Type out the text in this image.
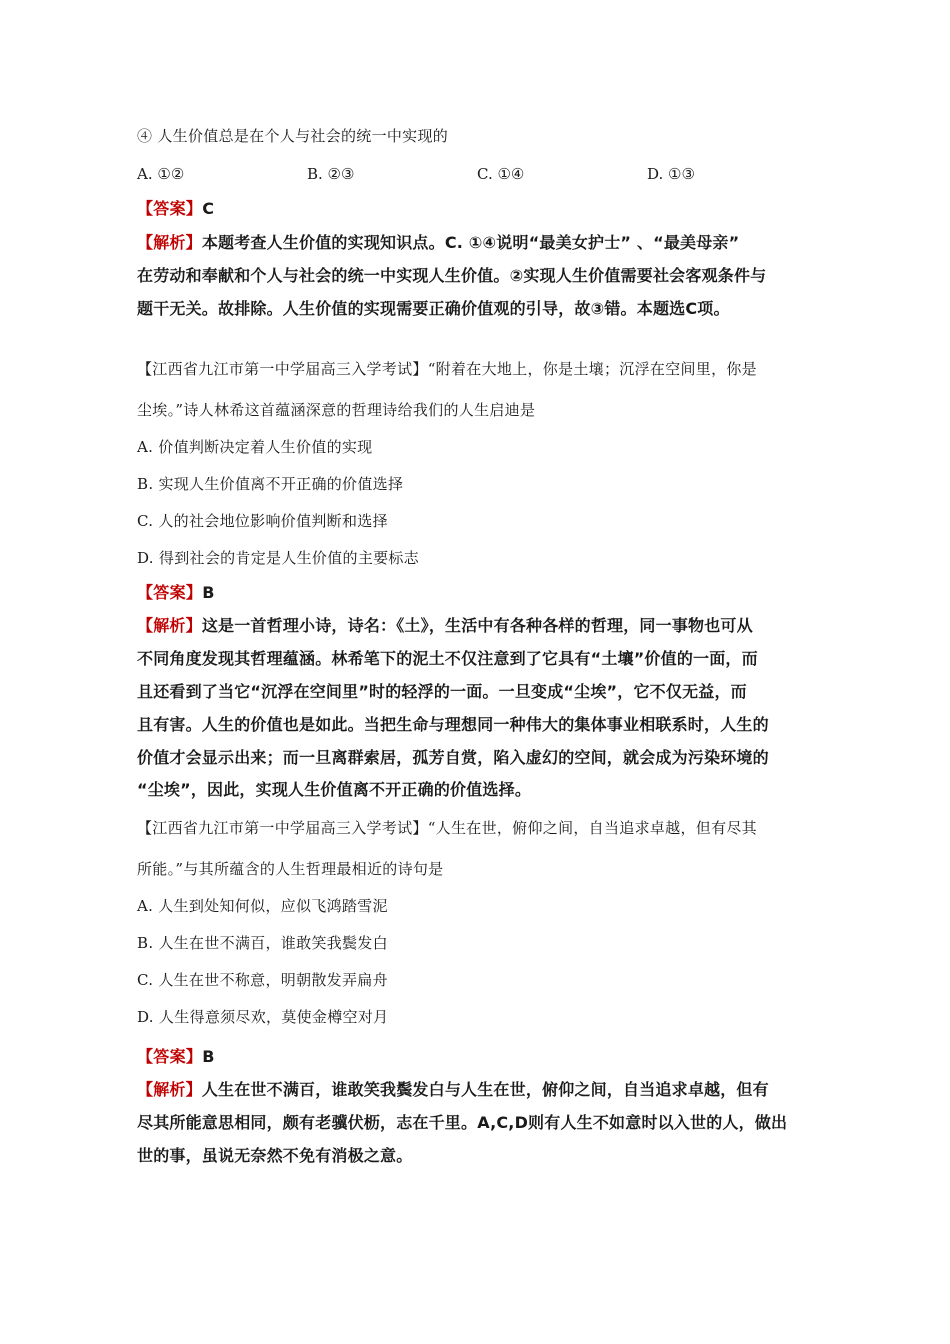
④ 人生价值总是在个人与社会的统一中实现的
A. ①②	B. ②③	C. ①④	D. ①③
【答案】C
【解析】本题考查人生价值的实现知识点。C. ①④说明“最美女护士” 、“最美母亲”
在劳动和奉献和个人与社会的统一中实现人生价值。②实现人生价值需要社会客观条件与
题干无关。故排除。人生价值的实现需要正确价值观的引导，故③错。本题选C项。
【江西省九江市第一中学届高三入学考试】“附着在大地上，你是土壤；沉浮在空间里，你是
尘埃。”诗人林希这首蕴涵深意的哲理诗给我们的人生启迪是
A. 价值判断决定着人生价值的实现
B. 实现人生价值离不开正确的价值选择
C. 人的社会地位影响价值判断和选择
D. 得到社会的肯定是人生价值的主要标志
【答案】B
【解析】这是一首哲理小诗，诗名：《土》，生活中有各种各样的哲理，同一事物也可从
不同角度发现其哲理蕴涵。林希笔下的泥土不仅注意到了它具有“土壤”价值的一面，而
且还看到了当它“沉浮在空间里”时的轻浮的一面。一旦变成“尘埃”，它不仅无益，而
且有害。人生的价值也是如此。当把生命与理想同一种伟大的集体事业相联系时，人生的
价值才会显示出来；而一旦离群索居，孤芳自赏，陷入虚幻的空间，就会成为污染环境的
“尘埃”，因此，实现人生价值离不开正确的价值选择。
【江西省九江市第一中学届高三入学考试】“人生在世，俯仰之间，自当追求卓越，但有尽其
所能。”与其所蕴含的人生哲理最相近的诗句是
A. 人生到处知何似，应似飞鸿踏雪泥
B. 人生在世不满百，谁敢笑我鬓发白
C. 人生在世不称意，明朝散发弄扁舟
D. 人生得意须尽欢，莫使金樽空对月
【答案】B
【解析】人生在世不满百，谁敢笑我鬓发白与人生在世，俯仰之间，自当追求卓越，但有
尽其所能意思相同，颇有老骥伏枥，志在千里。A,C,D则有人生不如意时以入世的人，做出
世的事，虽说无奈然不免有消极之意。
